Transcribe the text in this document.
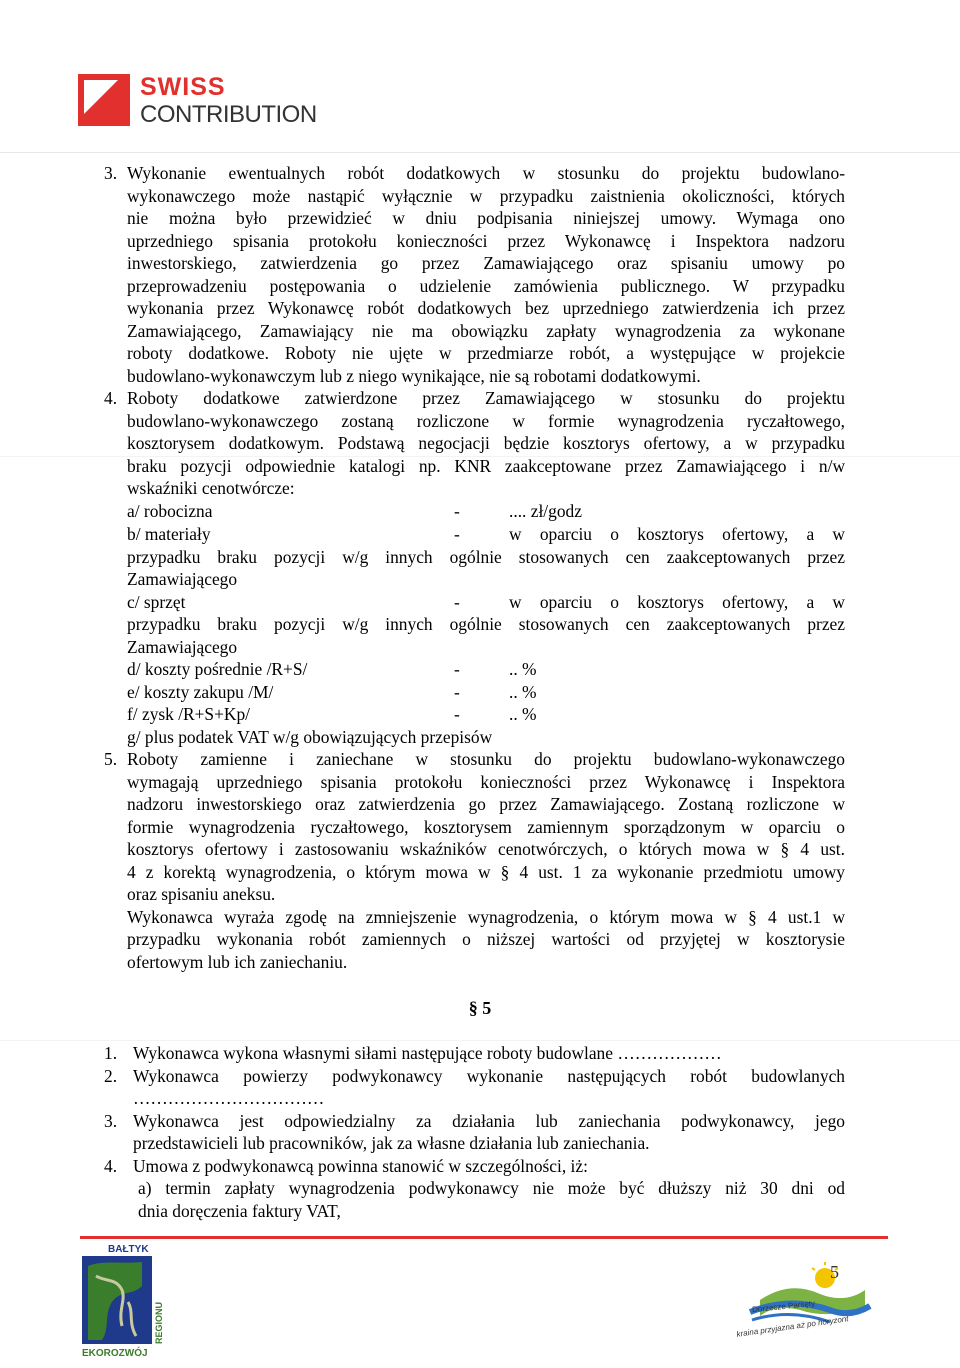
SWISS
CONTRIBUTION
3. Wykonanie ewentualnych robót dodatkowych w stosunku do projektu budowlano-
wykonawczego może nastąpić wyłącznie w przypadku zaistnienia okoliczności, których
nie można było przewidzieć w dniu podpisania niniejszej umowy. Wymaga ono
uprzedniego spisania protokołu konieczności przez Wykonawcę i Inspektora nadzoru
inwestorskiego, zatwierdzenia go przez Zamawiającego oraz spisaniu umowy po
przeprowadzeniu postępowania o udzielenie zamówienia publicznego. W przypadku
wykonania przez Wykonawcę robót dodatkowych bez uprzedniego zatwierdzenia ich przez
Zamawiającego, Zamawiający nie ma obowiązku zapłaty wynagrodzenia za wykonane
roboty dodatkowe. Roboty nie ujęte w przedmiarze robót, a występujące w projekcie
budowlano-wykonawczym lub z niego wynikające, nie są robotami dodatkowymi.
4. Roboty dodatkowe zatwierdzone przez Zamawiającego w stosunku do projektu
budowlano-wykonawczego zostaną rozliczone w formie wynagrodzenia ryczałtowego,
kosztorysem dodatkowym. Podstawą negocjacji będzie kosztorys ofertowy, a w przypadku
braku pozycji odpowiednie katalogi np. KNR zaakceptowane przez Zamawiającego i n/w
wskaźniki cenotwórcze:
a/ robocizna	-	.... zł/godz
b/ materiały	-	w oparciu o kosztorys ofertowy, a w
przypadku braku pozycji w/g innych ogólnie stosowanych cen zaakceptowanych przez
Zamawiającego
c/ sprzęt	-	w oparciu o kosztorys ofertowy, a w
przypadku braku pozycji w/g innych ogólnie stosowanych cen zaakceptowanych przez
Zamawiającego
d/ koszty pośrednie /R+S/	-	.. %
e/ koszty zakupu /M/	-	.. %
f/ zysk /R+S+Kp/	-	.. %
g/ plus podatek VAT w/g obowiązujących przepisów
5. Roboty zamienne i zaniechane w stosunku do projektu budowlano-wykonawczego
wymagają uprzedniego spisania protokołu konieczności przez Wykonawcę i Inspektora
nadzoru inwestorskiego oraz zatwierdzenia go przez Zamawiającego. Zostaną rozliczone w
formie wynagrodzenia ryczałtowego, kosztorysem zamiennym sporządzonym w oparciu o
kosztorys ofertowy i zastosowaniu wskaźników cenotwórczych, o których mowa w § 4 ust.
4 z korektą wynagrodzenia, o którym mowa w § 4 ust. 1 za wykonanie przedmiotu umowy
oraz spisaniu aneksu.
Wykonawca wyraża zgodę na zmniejszenie wynagrodzenia, o którym mowa w § 4 ust.1 w
przypadku wykonania robót zamiennych o niższej wartości od przyjętej w kosztorysie
ofertowym lub ich zaniechaniu.
§ 5
1. Wykonawca wykona własnymi siłami następujące roboty budowlane ………………
2. Wykonawca powierzy podwykonawcy wykonanie następujących robót budowlanych
……………………………
3. Wykonawca jest odpowiedzialny za działania lub zaniechania podwykonawcy, jego
przedstawicieli lub pracowników, jak za własne działania lub zaniechania.
4. Umowa z podwykonawcą powinna stanowić w szczególności, iż:
a) termin zapłaty wynagrodzenia podwykonawcy nie może być dłuższy niż 30 dni od
dnia doręczenia faktury VAT,
BAŁTYK
REGIONU
EKOROZWÓJ
Dorzecze Parsęty
kraina przyjazna aż po horyzont
5
